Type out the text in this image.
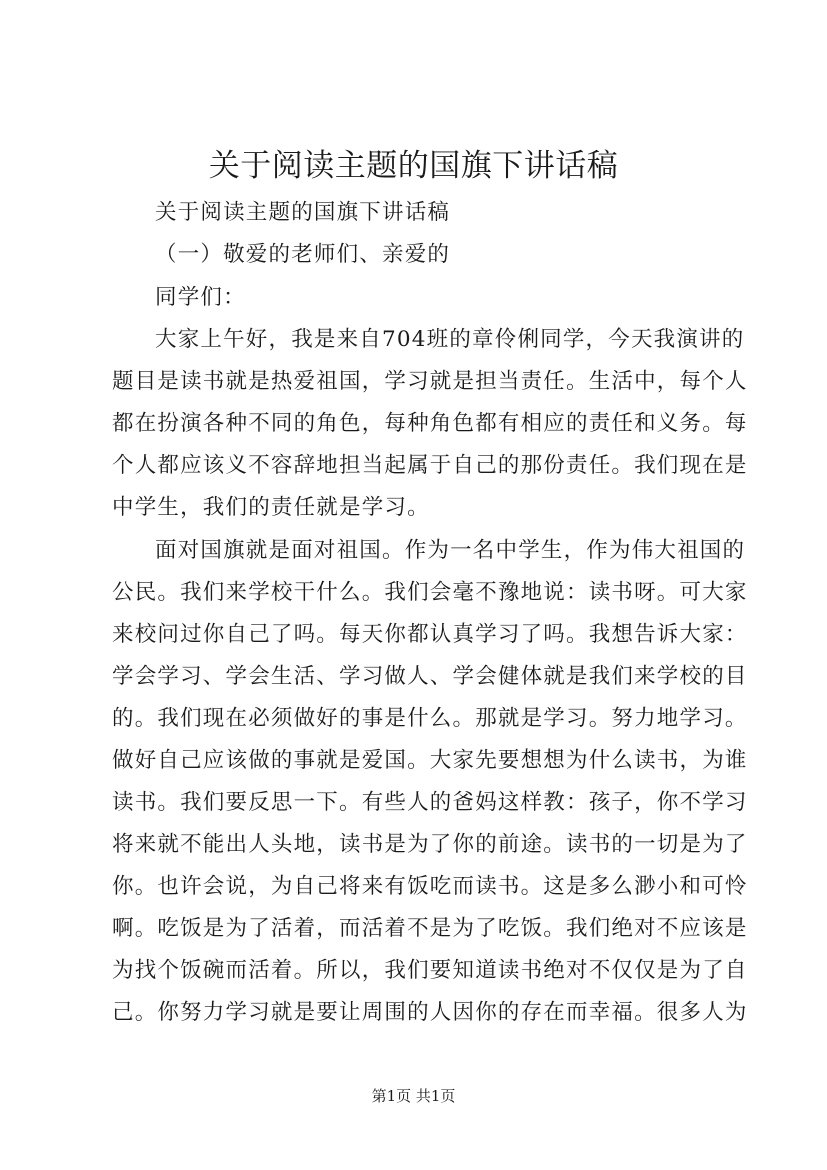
关于阅读主题的国旗下讲话稿

关于阅读主题的国旗下讲话稿

（一）敬爱的老师们、亲爱的

同学们：

大家上午好，我是来自704班的章伶俐同学，今天我演讲的

题目是读书就是热爱祖国，学习就是担当责任。生活中，每个人

都在扮演各种不同的角色，每种角色都有相应的责任和义务。每

个人都应该义不容辞地担当起属于自己的那份责任。我们现在是

中学生，我们的责任就是学习。

面对国旗就是面对祖国。作为一名中学生，作为伟大祖国的

公民。我们来学校干什么。我们会毫不豫地说：读书呀。可大家

来校问过你自己了吗。每天你都认真学习了吗。我想告诉大家：

学会学习、学会生活、学习做人、学会健体就是我们来学校的目

的。我们现在必须做好的事是什么。那就是学习。努力地学习。

做好自己应该做的事就是爱国。大家先要想想为什么读书，为谁

读书。我们要反思一下。有些人的爸妈这样教：孩子，你不学习

将来就不能出人头地，读书是为了你的前途。读书的一切是为了

你。也许会说，为自己将来有饭吃而读书。这是多么渺小和可怜

啊。吃饭是为了活着，而活着不是为了吃饭。我们绝对不应该是

为找个饭碗而活着。所以，我们要知道读书绝对不仅仅是为了自

己。你努力学习就是要让周围的人因你的存在而幸福。很多人为

第1页 共1页
